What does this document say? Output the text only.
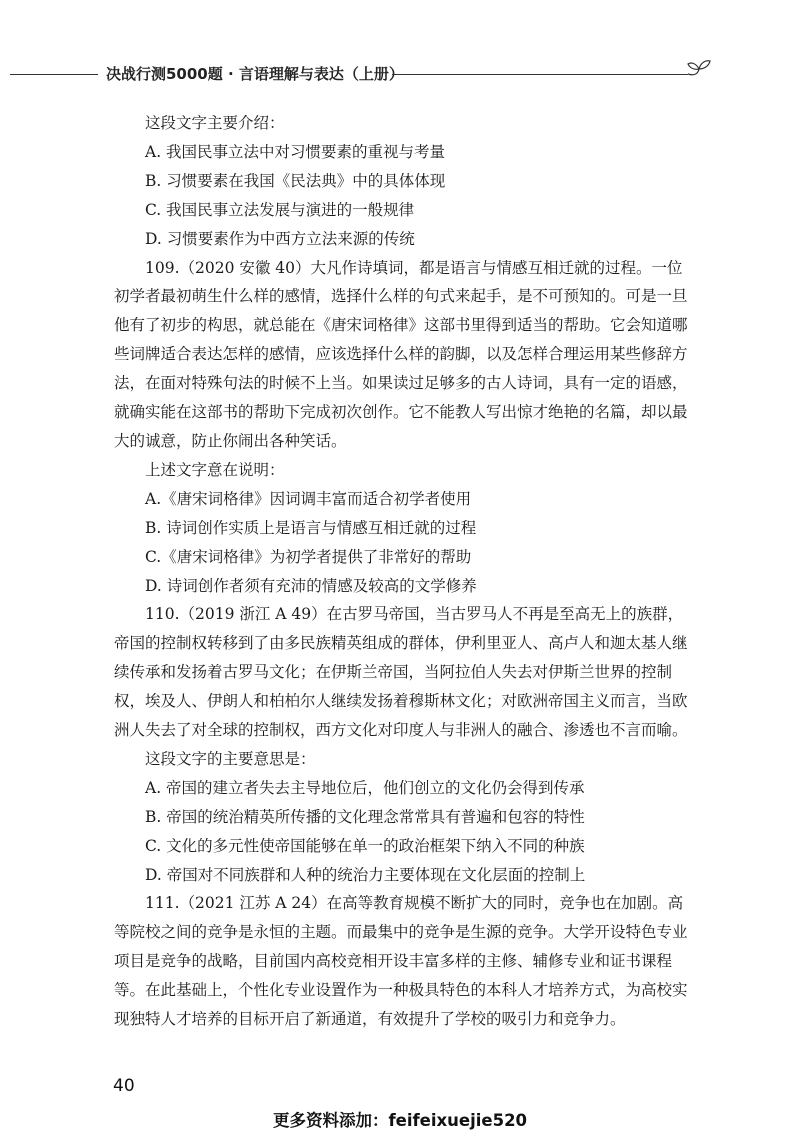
决战行测5000题 · 言语理解与表达（上册）

这段文字主要介绍：

A. 我国民事立法中对习惯要素的重视与考量

B. 习惯要素在我国《民法典》中的具体体现

C. 我国民事立法发展与演进的一般规律

D. 习惯要素作为中西方立法来源的传统

109.（2020 安徽 40）大凡作诗填词，都是语言与情感互相迁就的过程。一位初学者最初萌生什么样的感情，选择什么样的句式来起手，是不可预知的。可是一旦他有了初步的构思，就总能在《唐宋词格律》这部书里得到适当的帮助。它会知道哪些词牌适合表达怎样的感情，应该选择什么样的韵脚，以及怎样合理运用某些修辞方法，在面对特殊句法的时候不上当。如果读过足够多的古人诗词，具有一定的语感，就确实能在这部书的帮助下完成初次创作。它不能教人写出惊才绝艳的名篇，却以最大的诚意，防止你闹出各种笑话。

上述文字意在说明：

A.《唐宋词格律》因词调丰富而适合初学者使用

B. 诗词创作实质上是语言与情感互相迁就的过程

C.《唐宋词格律》为初学者提供了非常好的帮助

D. 诗词创作者须有充沛的情感及较高的文学修养

110.（2019 浙江 A 49）在古罗马帝国，当古罗马人不再是至高无上的族群，帝国的控制权转移到了由多民族精英组成的群体，伊利里亚人、高卢人和迦太基人继续传承和发扬着古罗马文化；在伊斯兰帝国，当阿拉伯人失去对伊斯兰世界的控制权，埃及人、伊朗人和柏柏尔人继续发扬着穆斯林文化；对欧洲帝国主义而言，当欧洲人失去了对全球的控制权，西方文化对印度人与非洲人的融合、渗透也不言而喻。

这段文字的主要意思是：

A. 帝国的建立者失去主导地位后，他们创立的文化仍会得到传承

B. 帝国的统治精英所传播的文化理念常常具有普遍和包容的特性

C. 文化的多元性使帝国能够在单一的政治框架下纳入不同的种族

D. 帝国对不同族群和人种的统治力主要体现在文化层面的控制上

111.（2021 江苏 A 24）在高等教育规模不断扩大的同时，竞争也在加剧。高等院校之间的竞争是永恒的主题。而最集中的竞争是生源的竞争。大学开设特色专业项目是竞争的战略，目前国内高校竞相开设丰富多样的主修、辅修专业和证书课程等。在此基础上，个性化专业设置作为一种极具特色的本科人才培养方式，为高校实现独特人才培养的目标开启了新通道，有效提升了学校的吸引力和竞争力。

40
更多资料添加：feifeixuejie520
